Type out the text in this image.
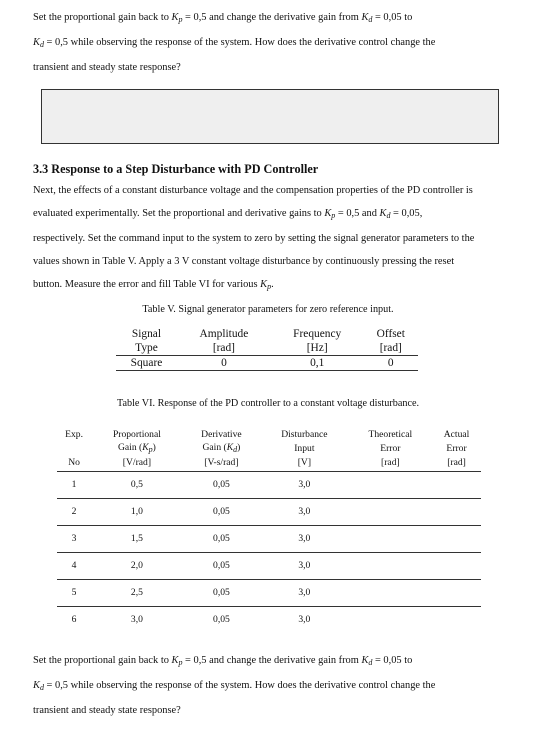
Set the proportional gain back to $K_p = 0,5$ and change the derivative gain from $K_d = 0,05$ to
$K_d = 0,5$ while observing the response of the system. How does the derivative control change the
transient and steady state response?
3.3 Response to a Step Disturbance with PD Controller
Next, the effects of a constant disturbance voltage and the compensation properties of the PD controller is
evaluated experimentally. Set the proportional and derivative gains to $K_p = 0,5$ and $K_d = 0,05$,
respectively. Set the command input to the system to zero by setting the signal generator parameters to the
values shown in Table V. Apply a 3 V constant voltage disturbance by continuously pressing the reset
button. Measure the error and fill Table VI for various $K_p$.
Table V. Signal generator parameters for zero reference input.
Signal	Amplitude	Frequency	Offset
Type	[rad]	[Hz]	[rad]
Square	0	0,1	0
Table VI. Response of the PD controller to a constant voltage disturbance.
Exp.	Proportional	Derivative	Disturbance	Theoretical	Actual
	Gain $(K_p)$	Gain $(K_d)$	Input	Error	Error
No	[V/rad]	[V-s/rad]	[V]	[rad]	[rad]
1	0,5	0,05	3,0		
2	1,0	0,05	3,0		
3	1,5	0,05	3,0		
4	2,0	0,05	3,0		
5	2,5	0,05	3,0		
6	3,0	0,05	3,0		
Set the proportional gain back to $K_p = 0,5$ and change the derivative gain from $K_d = 0,05$ to
$K_d = 0,5$ while observing the response of the system. How does the derivative control change the
transient and steady state response?
